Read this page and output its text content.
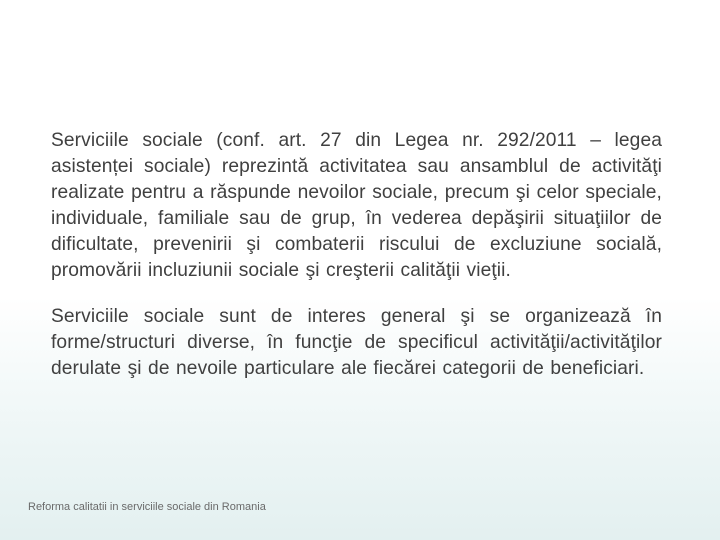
Serviciile sociale (conf. art. 27 din Legea nr. 292/2011 – legea asistenței sociale) reprezintă activitatea sau ansamblul de activităţi realizate pentru a răspunde nevoilor sociale, precum şi celor speciale, individuale, familiale sau de grup, în vederea depăşirii situaţiilor de dificultate, prevenirii şi combaterii riscului de excluziune socială, promovării incluziunii sociale şi creşterii calităţii vieţii.

Serviciile sociale sunt de interes general şi se organizează în forme/structuri diverse, în funcţie de specificul activităţii/activităţilor derulate şi de nevoile particulare ale fiecărei categorii de beneficiari.

Reforma calitatii in serviciile sociale din Romania
